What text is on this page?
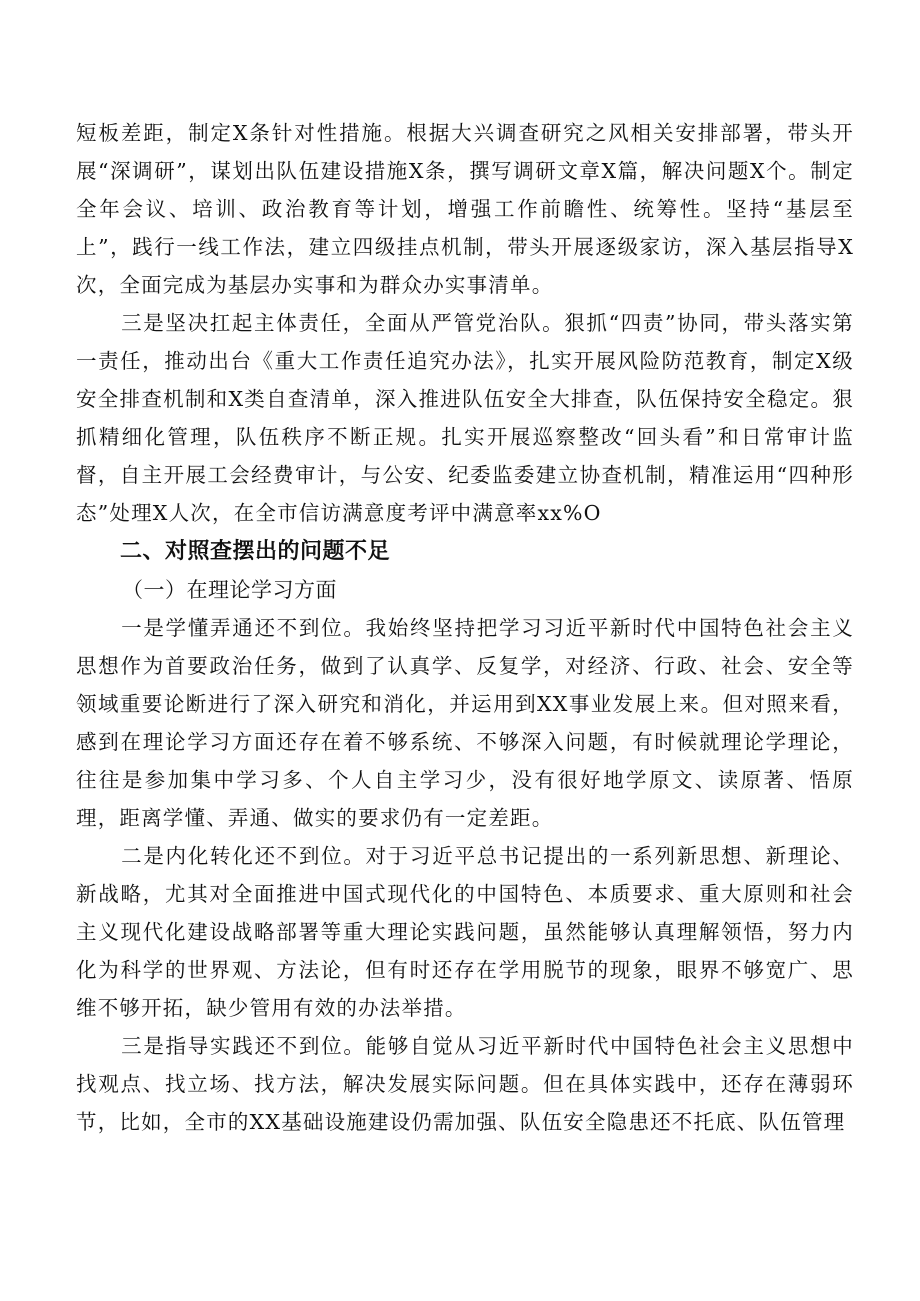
短板差距，制定X条针对性措施。根据大兴调查研究之风相关安排部署，带头开展“深调研”，谋划出队伍建设措施X条，撰写调研文章X篇，解决问题X个。制定全年会议、培训、政治教育等计划，增强工作前瞻性、统筹性。坚持“基层至上”，践行一线工作法，建立四级挂点机制，带头开展逐级家访，深入基层指导X次，全面完成为基层办实事和为群众办实事清单。

三是坚决扛起主体责任，全面从严管党治队。狠抓“四责”协同，带头落实第一责任，推动出台《重大工作责任追究办法》，扎实开展风险防范教育，制定X级安全排查机制和X类自查清单，深入推进队伍安全大排查，队伍保持安全稳定。狠抓精细化管理，队伍秩序不断正规。扎实开展巡察整改“回头看”和日常审计监督，自主开展工会经费审计，与公安、纪委监委建立协查机制，精准运用“四种形态”处理X人次，在全市信访满意度考评中满意率xx%O

二、对照查摆出的问题不足
（一）在理论学习方面

一是学懂弄通还不到位。我始终坚持把学习习近平新时代中国特色社会主义思想作为首要政治任务，做到了认真学、反复学，对经济、行政、社会、安全等领域重要论断进行了深入研究和消化，并运用到XX事业发展上来。但对照来看，感到在理论学习方面还存在着不够系统、不够深入问题，有时候就理论学理论，往往是参加集中学习多、个人自主学习少，没有很好地学原文、读原著、悟原理，距离学懂、弄通、做实的要求仍有一定差距。

二是内化转化还不到位。对于习近平总书记提出的一系列新思想、新理论、新战略，尤其对全面推进中国式现代化的中国特色、本质要求、重大原则和社会主义现代化建设战略部署等重大理论实践问题，虽然能够认真理解领悟，努力内化为科学的世界观、方法论，但有时还存在学用脱节的现象，眼界不够宽广、思维不够开拓，缺少管用有效的办法举措。

三是指导实践还不到位。能够自觉从习近平新时代中国特色社会主义思想中找观点、找立场、找方法，解决发展实际问题。但在具体实践中，还存在薄弱环节，比如，全市的XX基础设施建设仍需加强、队伍安全隐患还不托底、队伍管理
